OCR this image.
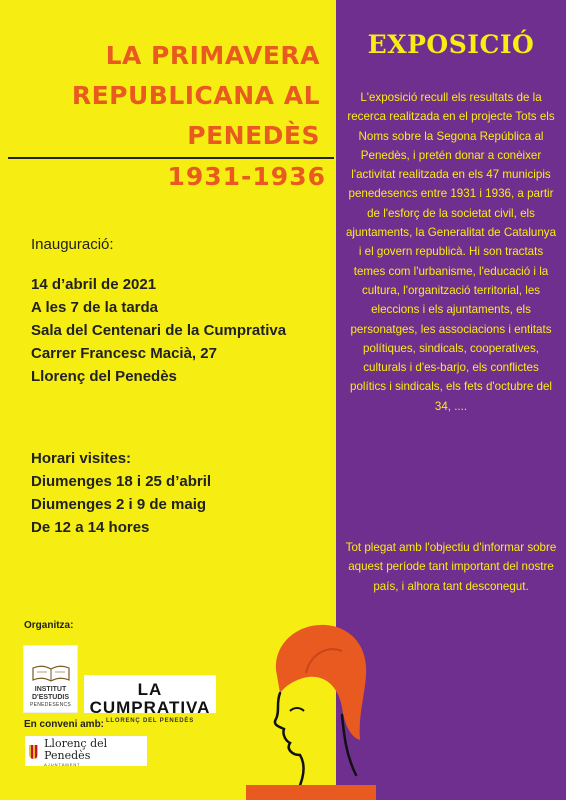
LA PRIMAVERA
REPUBLICANA AL
PENEDÈS
1931-1936
Inauguració:
14 d’abril de 2021
A les 7 de la tarda
Sala del Centenari de la Cumprativa
Carrer Francesc Macià, 27
Llorenç del Penedès
Horari visites:
Diumenges 18 i 25 d’abril
Diumenges 2 i 9 de maig
De 12 a 14 hores
Organitza:
INSTITUT
D'ESTUDIS
PENEDESENCS
LA CUMPRATIVA
LLORENÇ DEL PENEDÈS
En conveni amb:
Llorenç del Penedès
AJUNTAMENT
EXPOSICIÓ
L'exposició recull els resultats de la recerca realitzada en el projecte Tots els Noms sobre la Segona República al Penedès, i pretén donar a conèixer l'activitat realitzada en els 47 municipis penedesencs entre 1931 i 1936, a partir de l'esforç de la societat civil, els ajuntaments, la Generalitat de Catalunya i el govern republicà. Hi son tractats temes com l'urbanisme, l'educació i la cultura, l'organització territorial, les eleccions i els ajuntaments, els personatges, les associacions i entitats polítiques, sindicals, cooperatives, culturals i d'es-barjo, els conflictes polítics i sindicals, els fets d'octubre del 34, ....
Tot plegat amb l'objectiu d'informar sobre aquest període tant important del nostre país, i alhora tant desconegut.
